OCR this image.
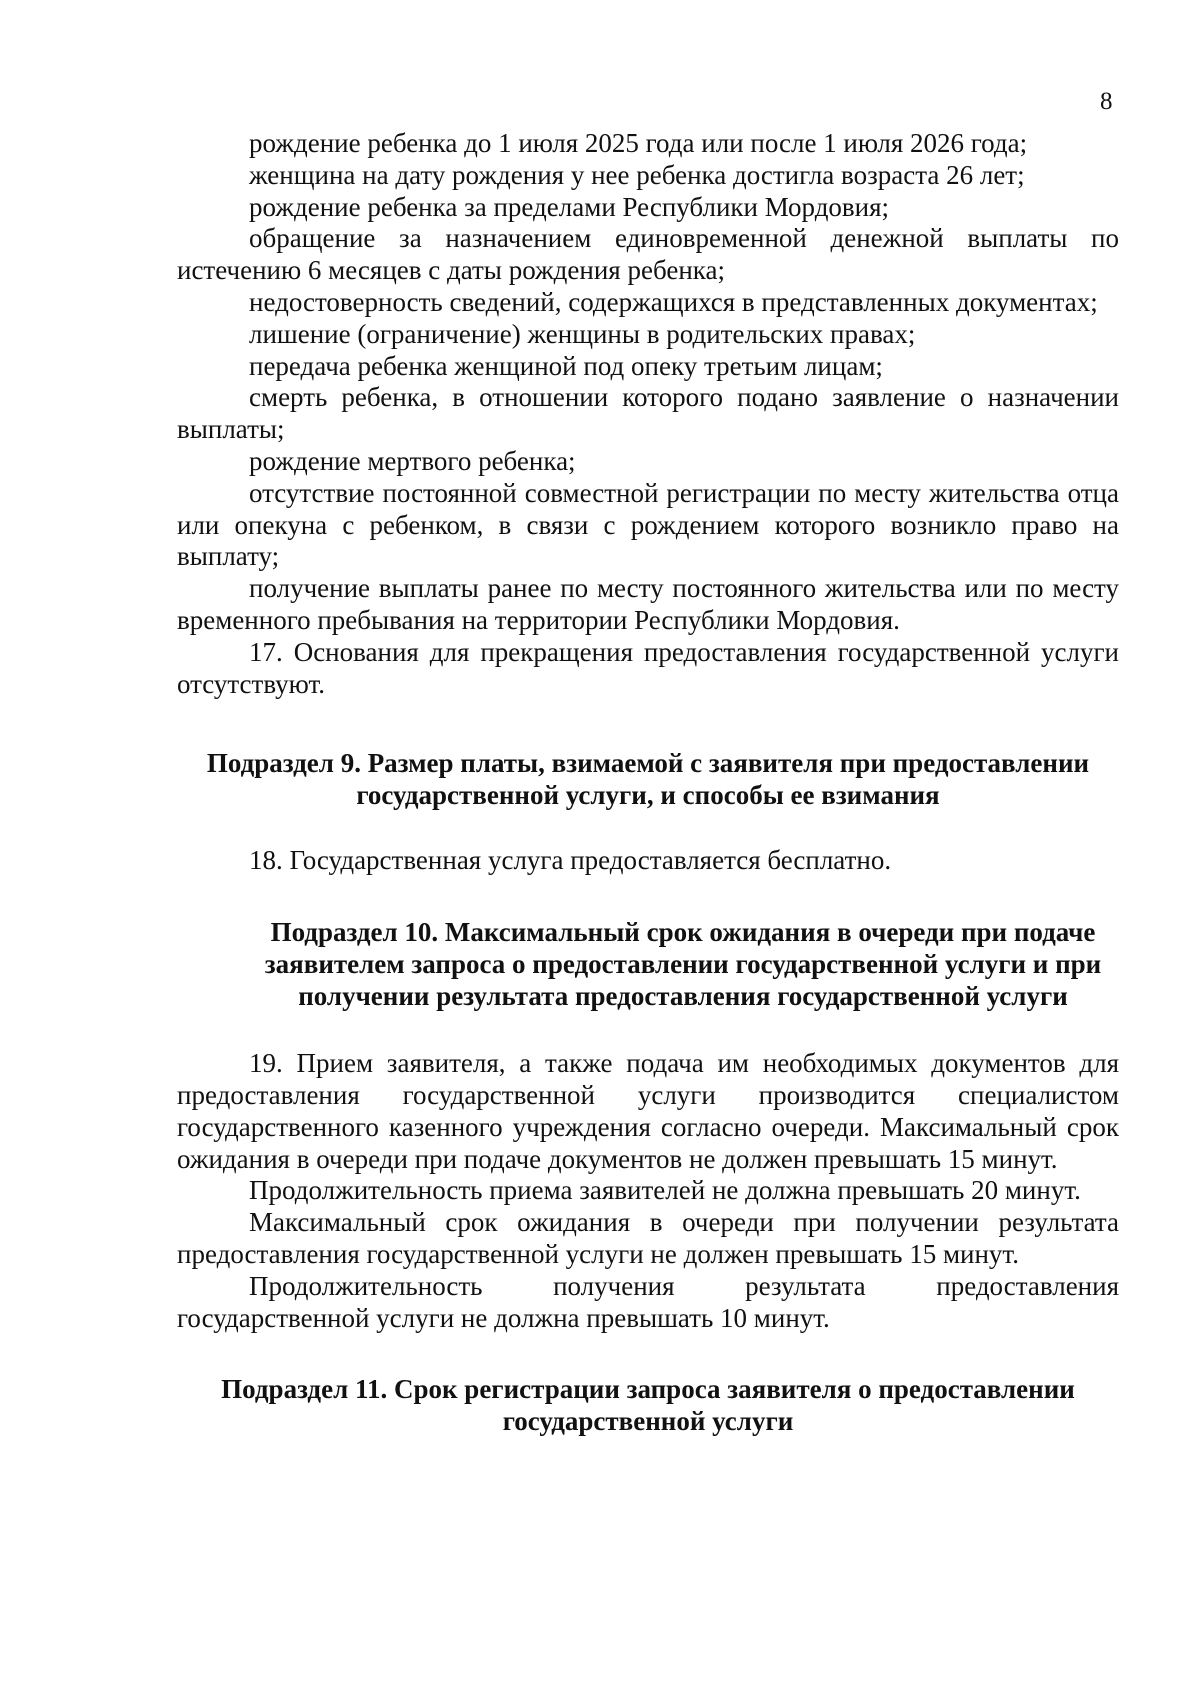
8

рождение ребенка до 1 июля 2025 года или после 1 июля 2026 года;

женщина на дату рождения у нее ребенка достигла возраста 26 лет;

рождение ребенка за пределами Республики Мордовия;

обращение за назначением единовременной денежной выплаты по истечению 6 месяцев с даты рождения ребенка;

недостоверность сведений, содержащихся в представленных документах;

лишение (ограничение) женщины в родительских правах;

передача ребенка женщиной под опеку третьим лицам;

смерть ребенка, в отношении которого подано заявление о назначении выплаты;

рождение мертвого ребенка;

отсутствие постоянной совместной регистрации по месту жительства отца или опекуна с ребенком, в связи с рождением которого возникло право на выплату;

получение выплаты ранее по месту постоянного жительства или по месту временного пребывания на территории Республики Мордовия.

17. Основания для прекращения предоставления государственной услуги отсутствуют.

Подраздел 9. Размер платы, взимаемой с заявителя при предоставлении
государственной услуги, и способы ее взимания

18. Государственная услуга предоставляется бесплатно.

Подраздел 10. Максимальный срок ожидания в очереди при подаче
заявителем запроса о предоставлении государственной услуги и при
получении результата предоставления государственной услуги

19. Прием заявителя, а также подача им необходимых документов для предоставления государственной услуги производится специалистом государственного казенного учреждения согласно очереди. Максимальный срок ожидания в очереди при подаче документов не должен превышать 15 минут.

Продолжительность приема заявителей не должна превышать 20 минут.

Максимальный срок ожидания в очереди при получении результата предоставления государственной услуги не должен превышать 15 минут.

Продолжительность получения результата предоставления государственной услуги не должна превышать 10 минут.

Подраздел 11. Срок регистрации запроса заявителя о предоставлении
государственной услуги
